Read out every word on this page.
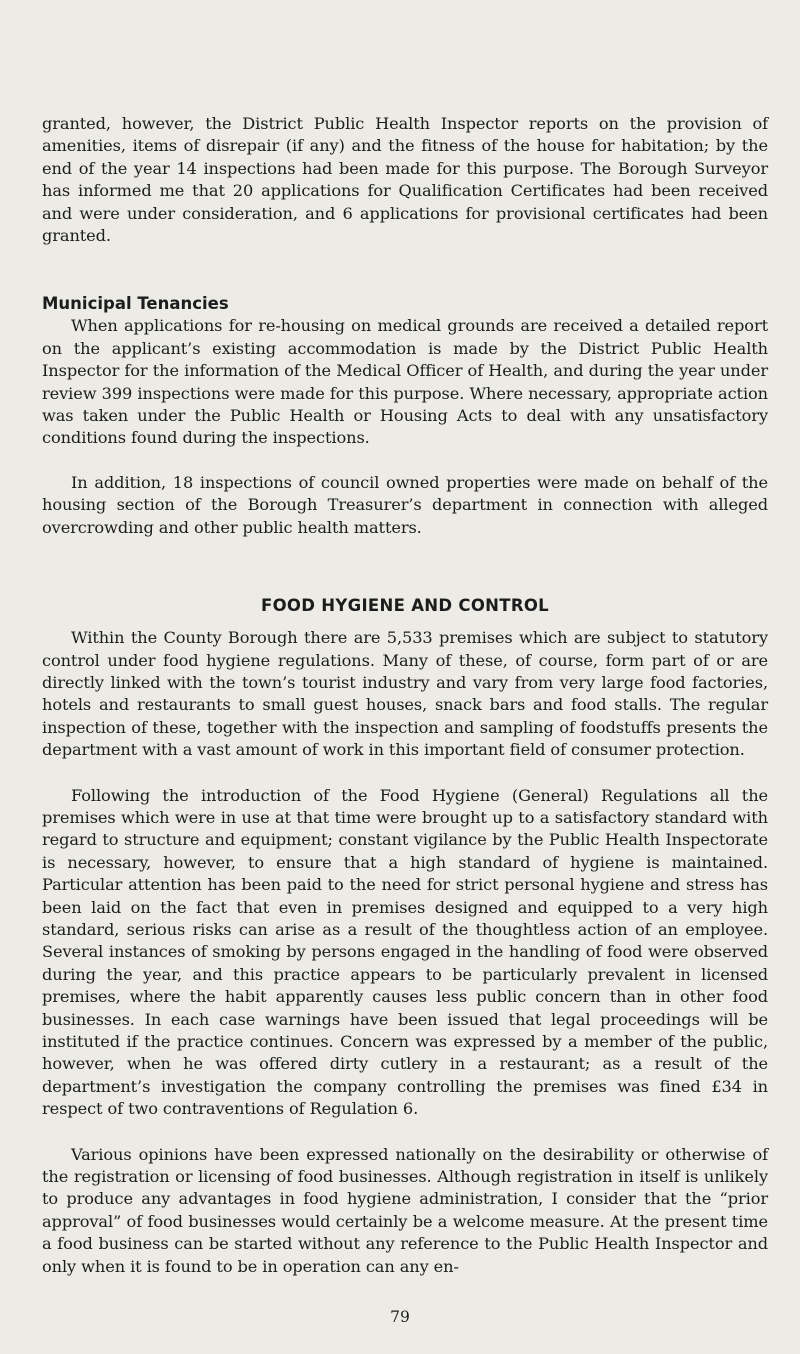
granted, however, the District Public Health Inspector reports on the provision of amenities, items of disrepair (if any) and the fitness of the house for habitation; by the end of the year 14 inspections had been made for this purpose. The Borough Surveyor has informed me that 20 applications for Qualification Certificates had been received and were under consideration, and 6 applications for provisional certificates had been granted.

Municipal Tenancies

When applications for re-housing on medical grounds are received a detailed report on the applicant’s existing accommodation is made by the District Public Health Inspector for the information of the Medical Officer of Health, and during the year under review 399 inspections were made for this purpose. Where necessary, appropriate action was taken under the Public Health or Housing Acts to deal with any unsatisfactory conditions found during the inspections.

In addition, 18 inspections of council owned properties were made on behalf of the housing section of the Borough Treasurer’s department in connection with alleged overcrowding and other public health matters.

FOOD HYGIENE AND CONTROL

Within the County Borough there are 5,533 premises which are subject to statutory control under food hygiene regulations. Many of these, of course, form part of or are directly linked with the town’s tourist industry and vary from very large food factories, hotels and restaurants to small guest houses, snack bars and food stalls. The regular inspection of these, together with the inspection and sampling of foodstuffs presents the department with a vast amount of work in this important field of consumer protection.

Following the introduction of the Food Hygiene (General) Regulations all the premises which were in use at that time were brought up to a satisfactory standard with regard to structure and equipment; constant vigilance by the Public Health Inspectorate is necessary, however, to ensure that a high standard of hygiene is maintained. Particular attention has been paid to the need for strict personal hygiene and stress has been laid on the fact that even in premises designed and equipped to a very high standard, serious risks can arise as a result of the thoughtless action of an employee. Several instances of smoking by persons engaged in the handling of food were observed during the year, and this practice appears to be particularly prevalent in licensed premises, where the habit apparently causes less public concern than in other food businesses. In each case warnings have been issued that legal proceedings will be instituted if the practice continues. Concern was expressed by a member of the public, however, when he was offered dirty cutlery in a restaurant; as a result of the department’s investigation the company controlling the premises was fined £34 in respect of two contraventions of Regulation 6.

Various opinions have been expressed nationally on the desirability or otherwise of the registration or licensing of food businesses. Although registration in itself is unlikely to produce any advantages in food hygiene administration, I consider that the “prior approval” of food businesses would certainly be a welcome measure. At the present time a food business can be started without any reference to the Public Health Inspector and only when it is found to be in operation can any en-

79
